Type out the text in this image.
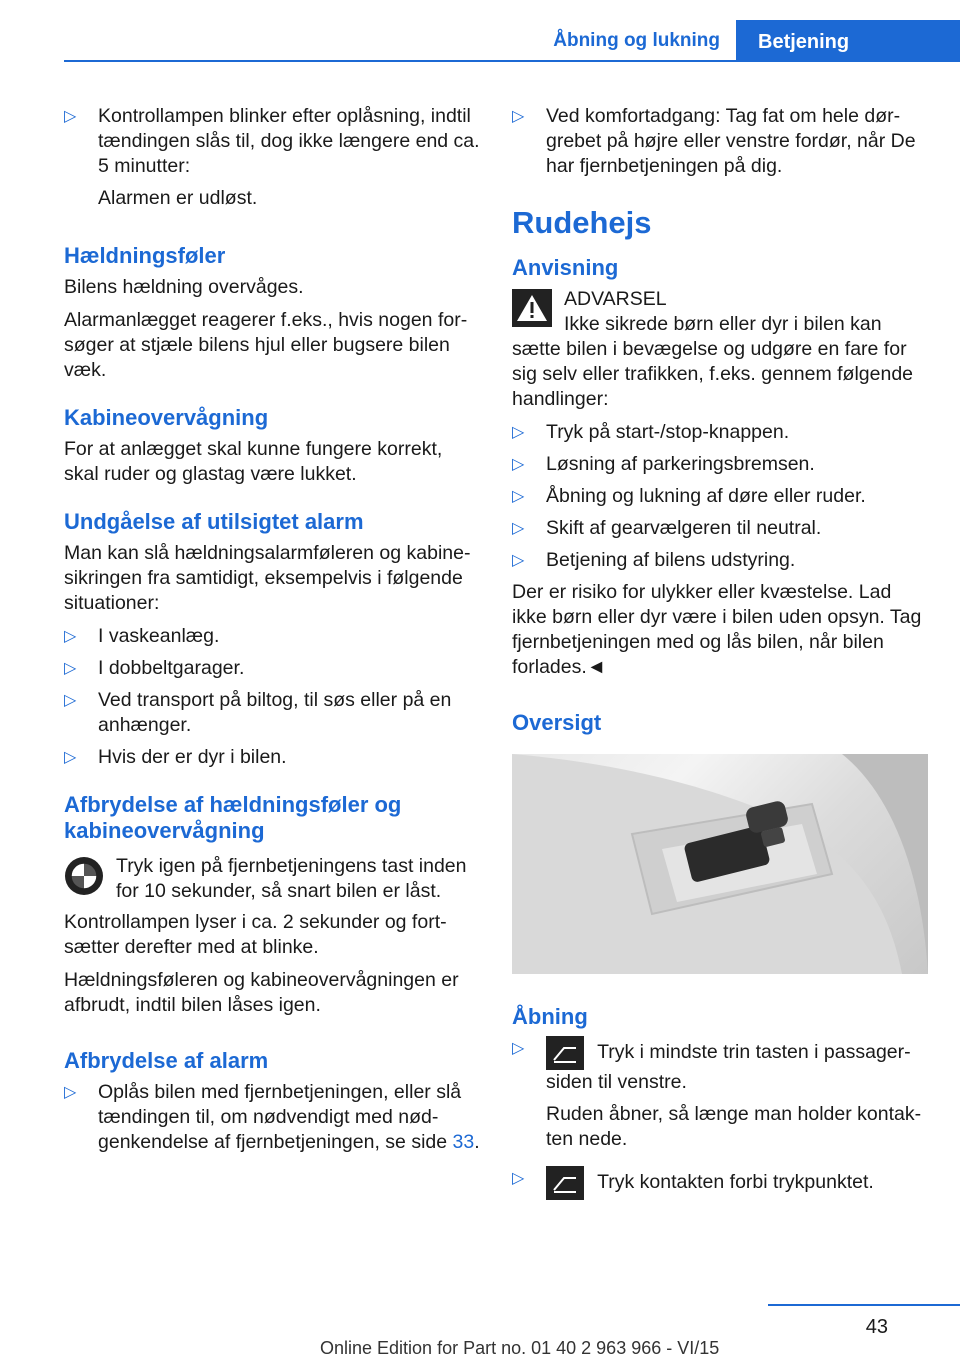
Åbning og lukning	Betjening
▷ Kontrollampen blinker efter oplåsning, indtil tændingen slås til, dog ikke længere end ca. 5 minutter:
Alarmen er udløst.
Hældningsføler

Bilens hældning overvåges.

Alarmanlægget reagerer f.eks., hvis nogen forsøger at stjæle bilens hjul eller bugsere bilen væk.

Kabineovervågning

For at anlægget skal kunne fungere korrekt, skal ruder og glastag være lukket.

Undgåelse af utilsigtet alarm

Man kan slå hældningsalarmføleren og kabinesikringen fra samtidigt, eksempelvis i følgende situationer:

▷ I vaskeanlæg.
▷ I dobbeltgarager.
▷ Ved transport på biltog, til søs eller på en anhænger.
▷ Hvis der er dyr i bilen.
Afbrydelse af hældningsføler og kabineovervågning
Tryk igen på fjernbetjeningens tast inden for 10 sekunder, så snart bilen er låst.

Kontrollampen lyser i ca. 2 sekunder og fortsætter derefter med at blinke.

Hældningsføleren og kabineovervågningen er afbrudt, indtil bilen låses igen.

Afbrydelse af alarm
▷ Oplås bilen med fjernbetjeningen, eller slå tændingen til, om nødvendigt med nødgenkendelse af fjernbetjeningen, se side 33.
▷ Ved komfortadgang: Tag fat om hele dørgrebet på højre eller venstre fordør, når De har fjernbetjeningen på dig.
Rudehejs
Anvisning
ADVARSEL

Ikke sikrede børn eller dyr i bilen kan sætte bilen i bevægelse og udgøre en fare for sig selv eller trafikken, f.eks. gennem følgende handlinger:

▷ Tryk på start-/stop-knappen.
▷ Løsning af parkeringsbremsen.
▷ Åbning og lukning af døre eller ruder.
▷ Skift af gearvælgeren til neutral.
▷ Betjening af bilens udstyring.

Der er risiko for ulykker eller kvæstelse. Lad ikke børn eller dyr være i bilen uden opsyn. Tag fjernbetjeningen med og lås bilen, når bilen forlades.◄

Oversigt
Åbning
▷	Tryk i mindste trin tasten i passagersiden til venstre.
Ruden åbner, så længe man holder kontakten nede.
▷	Tryk kontakten forbi trykpunktet.
43
Online Edition for Part no. 01 40 2 963 966 - VI/15
